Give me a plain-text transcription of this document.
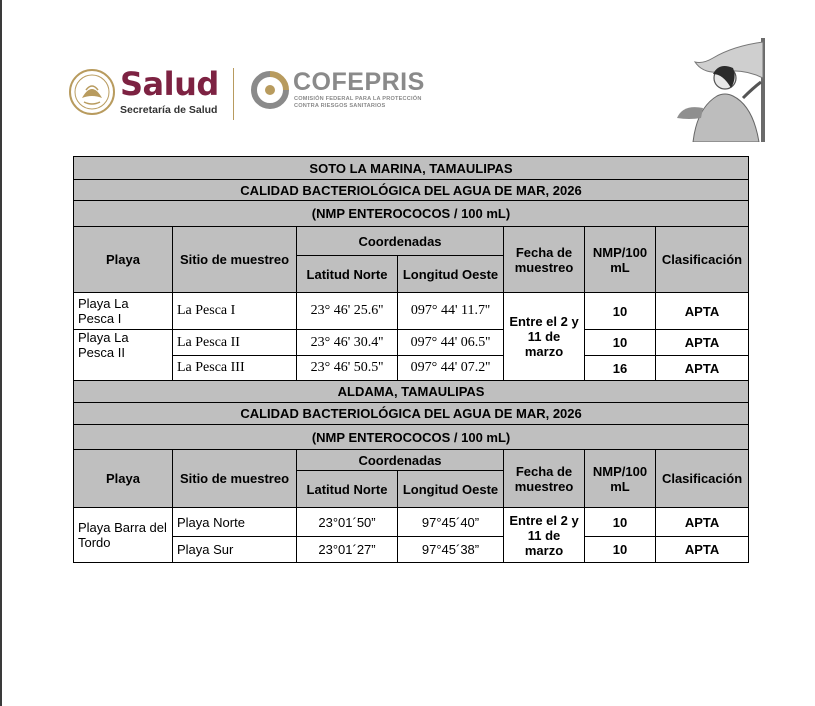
Salud
Secretaría de Salud
COFEPRIS
COMISIÓN FEDERAL PARA LA PROTECCIÓN
CONTRA RIESGOS SANITARIOS
SOTO LA MARINA, TAMAULIPAS						
CALIDAD BACTERIOLÓGICA DEL AGUA DE MAR, 2026						
(NMP ENTEROCOCOS / 100 mL)						
Playa	Sitio de muestreo	Coordenadas		Fecha de muestreo	NMP/100 mL	Clasificación
		Latitud Norte	Longitud Oeste			
Playa La Pesca I	La Pesca I	23° 46' 25.6''	097° 44' 11.7''	Entre el 2 y 11 de marzo	10	APTA
Playa La Pesca II	La Pesca II	23° 46' 30.4''	097° 44' 06.5''		10	APTA
	La Pesca III	23° 46' 50.5''	097° 44' 07.2''		16	APTA
ALDAMA, TAMAULIPAS						
CALIDAD BACTERIOLÓGICA DEL AGUA DE MAR, 2026						
(NMP ENTEROCOCOS / 100 mL)						
Playa	Sitio de muestreo	Coordenadas		Fecha de muestreo	NMP/100 mL	Clasificación
		Latitud Norte	Longitud Oeste			
Playa Barra del Tordo	Playa Norte	23°01´50”	97°45´40”	Entre el 2 y 11 de marzo	10	APTA
	Playa Sur	23°01´27”	97°45´38”		10	APTA
